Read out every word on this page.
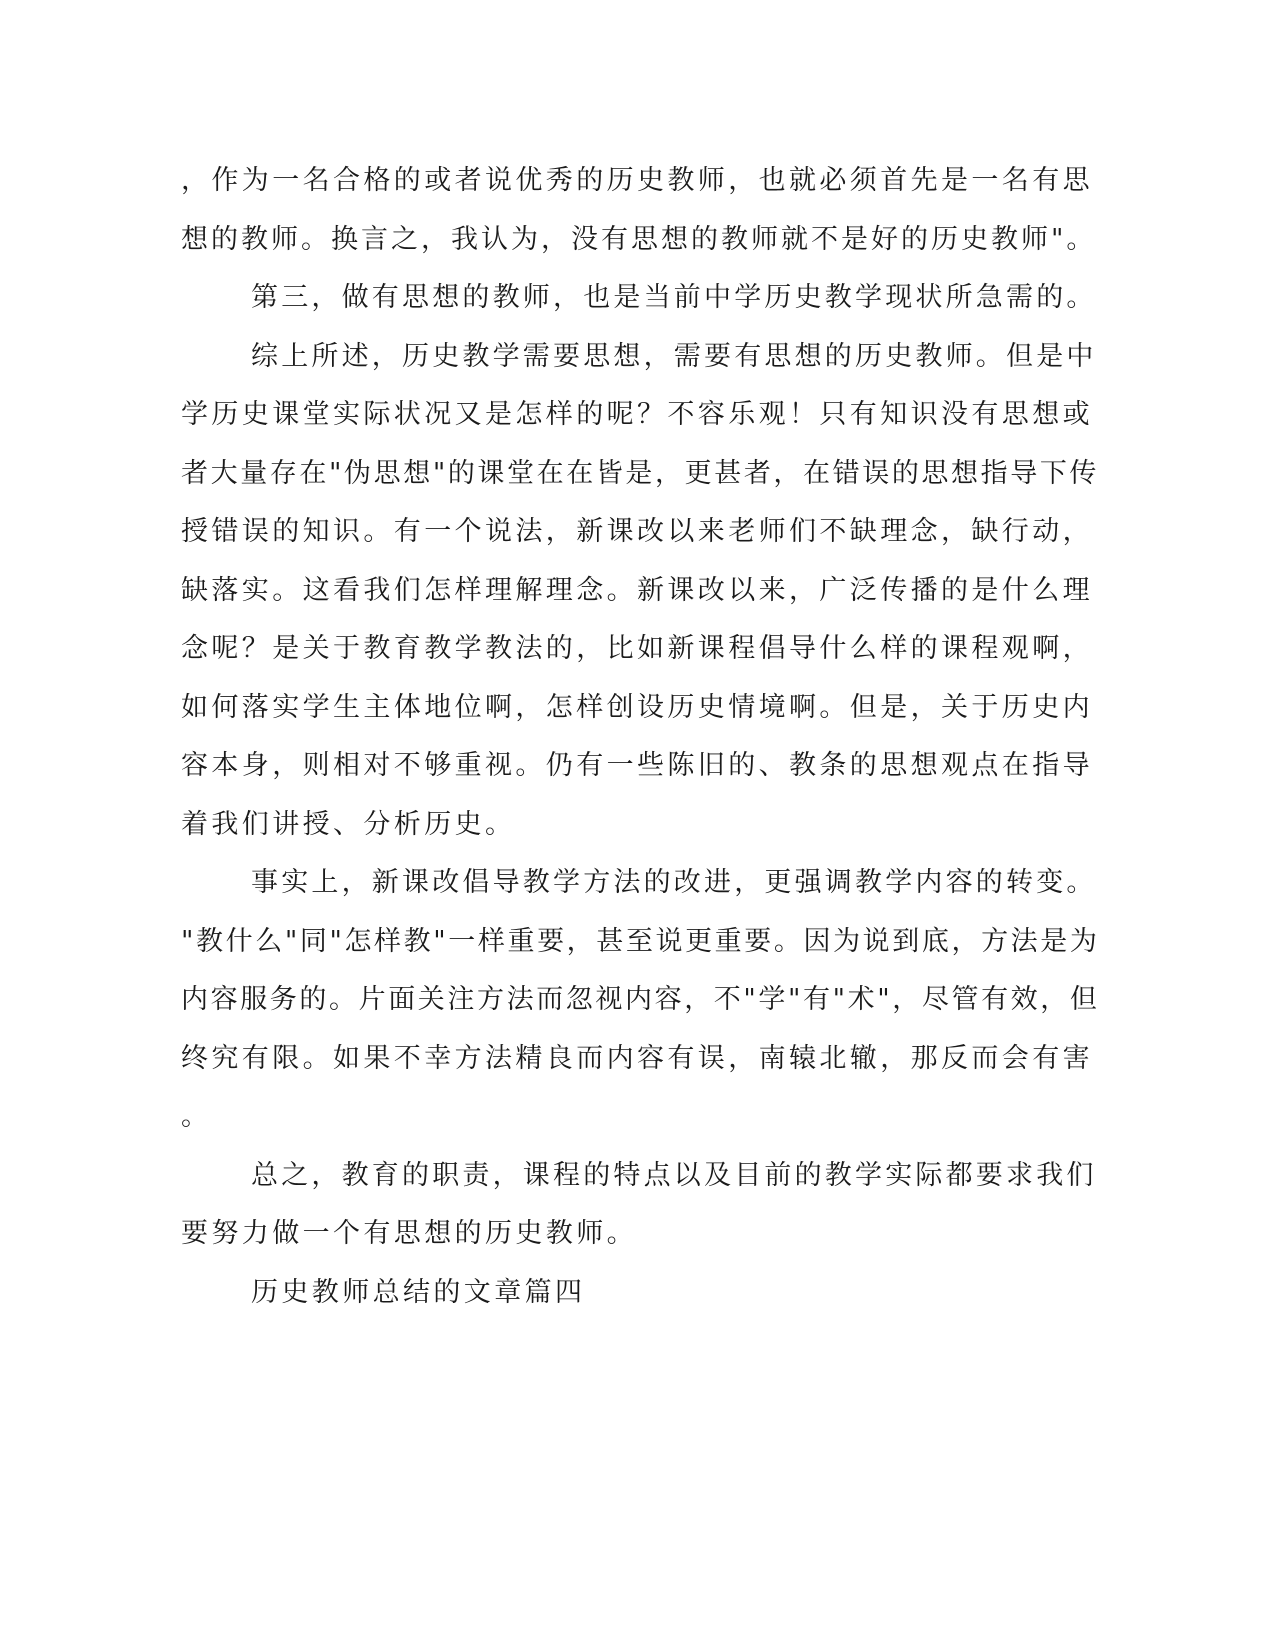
，作为一名合格的或者说优秀的历史教师，也就必须首先是一名有思
想的教师。换言之，我认为，没有思想的教师就不是好的历史教师"。
第三，做有思想的教师，也是当前中学历史教学现状所急需的。
综上所述，历史教学需要思想，需要有思想的历史教师。但是中
学历史课堂实际状况又是怎样的呢？不容乐观！只有知识没有思想或
者大量存在"伪思想"的课堂在在皆是，更甚者，在错误的思想指导下传
授错误的知识。有一个说法，新课改以来老师们不缺理念，缺行动，
缺落实。这看我们怎样理解理念。新课改以来，广泛传播的是什么理
念呢？是关于教育教学教法的，比如新课程倡导什么样的课程观啊，
如何落实学生主体地位啊，怎样创设历史情境啊。但是，关于历史内
容本身，则相对不够重视。仍有一些陈旧的、教条的思想观点在指导
着我们讲授、分析历史。
事实上，新课改倡导教学方法的改进，更强调教学内容的转变。
"教什么"同"怎样教"一样重要，甚至说更重要。因为说到底，方法是为
内容服务的。片面关注方法而忽视内容，不"学"有"术"，尽管有效，但
终究有限。如果不幸方法精良而内容有误，南辕北辙，那反而会有害
。
总之，教育的职责，课程的特点以及目前的教学实际都要求我们
要努力做一个有思想的历史教师。
历史教师总结的文章篇四
